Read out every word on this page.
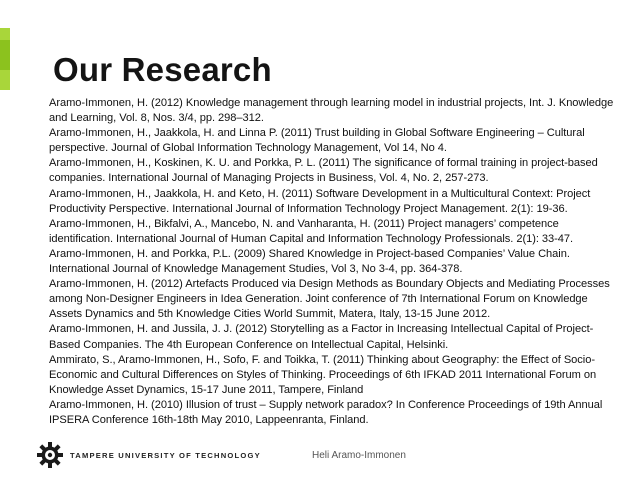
Our Research

Aramo-Immonen, H. (2012) Knowledge management through learning model in industrial projects, Int. J. Knowledge and Learning, Vol. 8, Nos. 3/4, pp. 298–312.

Aramo-Immonen, H., Jaakkola, H. and Linna P. (2011) Trust building in Global Software Engineering – Cultural perspective. Journal of Global Information Technology Management, Vol 14, No 4.

Aramo-Immonen, H., Koskinen, K. U. and Porkka, P. L. (2011) The significance of formal training in project-based companies. International Journal of Managing Projects in Business, Vol. 4, No. 2, 257-273.

Aramo-Immonen, H., Jaakkola, H. and Keto, H. (2011) Software Development in a Multicultural Context: Project Productivity Perspective. International Journal of Information Technology Project Management. 2(1): 19-36.

Aramo-Immonen, H., Bikfalvi, A., Mancebo, N. and Vanharanta, H. (2011) Project managers’ competence identification. International Journal of Human Capital and Information Technology Professionals. 2(1): 33-47.

Aramo-Immonen, H. and Porkka, P.L. (2009) Shared Knowledge in Project-based Companies’ Value Chain. International Journal of Knowledge Management Studies, Vol 3, No 3-4, pp. 364-378.

Aramo-Immonen, H. (2012) Artefacts Produced via Design Methods as Boundary Objects and Mediating Processes among Non-Designer Engineers in Idea Generation. Joint conference of 7th International Forum on Knowledge Assets Dynamics and 5th Knowledge Cities World Summit, Matera, Italy, 13-15 June 2012.

Aramo-Immonen, H. and Jussila, J. J. (2012) Storytelling as a Factor in Increasing Intellectual Capital of Project-Based Companies. The 4th European Conference on Intellectual Capital, Helsinki.

Ammirato, S., Aramo-Immonen, H., Sofo, F. and Toikka, T. (2011) Thinking about Geography: the Effect of Socio-Economic and Cultural Differences on Styles of Thinking. Proceedings of 6th IFKAD 2011 International Forum on Knowledge Asset Dynamics, 15-17 June 2011, Tampere, Finland

Aramo-Immonen, H. (2010) Illusion of trust – Supply network paradox? In Conference Proceedings of 19th Annual IPSERA Conference 16th-18th May 2010, Lappeenranta, Finland.

TAMPERE UNIVERSITY OF TECHNOLOGY	Heli Aramo-Immonen
